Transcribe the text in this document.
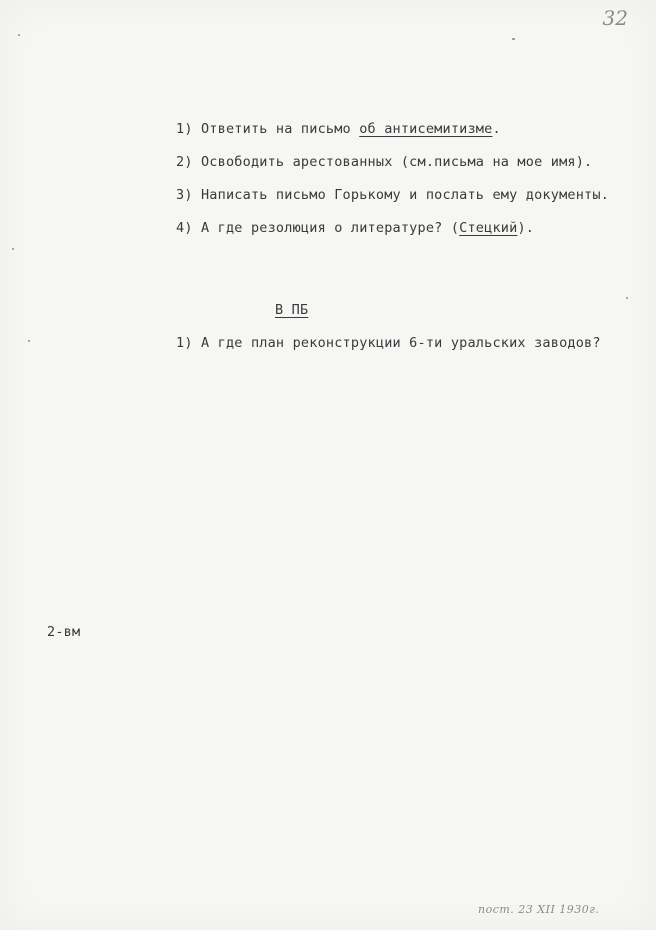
32
1) Ответить на письмо об антисемитизме.
2) Освободить арестованных (см.письма на мое имя).
3) Написать письмо Горькому и послать ему документы.
4) А где резолюция о литературе? (Стецкий).
В ПБ
1) А где план реконструкции 6-ти уральских заводов?
2-вм
пост. 23 XII 1930г.
